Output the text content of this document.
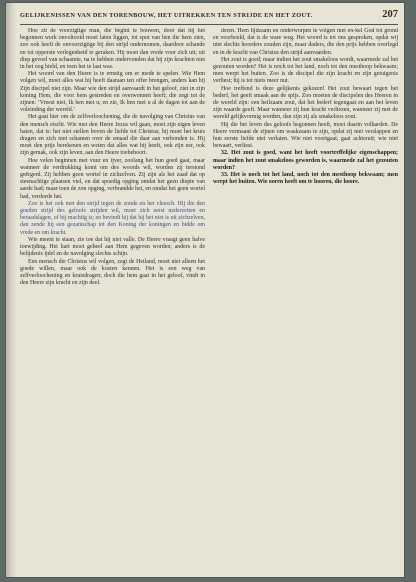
GELIJKENISSEN VAN DEN TORENBOUW, HET UITREKKEN TEN STRIJDE EN HET ZOUT.	207

Hoe zit de voorzigtige man, die begint te bouwen, door dat hij het begonnen werk onvoltooid moet laten liggen, tot spot van hen die hem zien, zoo ook heeft de onvoorzigtige bij den strijd ondernomen, daardoor schande en tot opperste verlegenheid te geraken. Hij moet dan vrede voor zich uit; uit diep gevoel van schaamte, na te hebben ondervonden dat hij zijn krachten niet in het oog hield, en toen het te laat was.

Het woord van den Heere is te ernstig om er mede te spelen. Wie Hem volgen wil, moet alles wat hij heeft daaraan ten offer brengen, anders kan hij Zijn discipel niet zijn. Maar wie den strijd aanvaardt in het geloof, ziet in zijn koning Hem, die voor hem gestreden en overwonnen heeft; die zegt tot de zijnen: ‘Vreest niet, Ik ben met u; en zie, Ik ben met u al de dagen tot aan de voleinding der wereld.’

Het gaat hier om de zelfverloochening, die de navolging van Christus van den mensch eischt. Wie met den Heere Jezus wil gaan, moet zijn eigen leven haten, dat is: het niet stellen boven de liefde tot Christus; hij moet het kruis dragen en zich niet schamen over de smaad die daar aan verbonden is. Hij moet den prijs berekenen en weten dat alles wat hij heeft, ook zijn eer, ook zijn gemak, ook zijn leven, aan den Heere toebehoort.

Hoe velen beginnen met vuur en ijver, zoolang het hun goed gaat, maar wanneer de verdrukking komt om des woords wil, worden zij terstond geërgerd. Zij hebben geen wortel in zichzelven. Zij zijn als het zaad dat op steenachtige plaatsen viel, en dat spoedig opging omdat het geen diepte van aarde had; maar toen de zon opging, verbrandde het, en omdat het geen wortel had, verdorde het.

Zoo is het ook met den strijd tegen de zonde en het vleesch. Hij die den goeden strijd des geloofs strijden wil, moet zich eerst nederzetten en beraadslagen, of hij machtig is; en bevindt hij dat hij het niet is uit zichzelven, dan zende hij een gezantschap tot den Koning der koningen en bidde om vrede en om kracht.

Wie meent te staan, zie toe dat hij niet valle. De Heere vraagt geen halve toewijding. Het hart moet geheel aan Hem gegeven worden; anders is de belijdenis ijdel en de navolging slechts schijn.

Een mensch die Christus wil volgen, zegt de Heiland, moet niet alleen het goede willen, maar ook de kosten kennen. Het is een weg van zelfverloochening en kruisdragen; doch die hem gaat in het geloof, vindt in den Heere zijn kracht en zijn deel.

deren. Hem lijdzaam en onderworpen te volgen met en-kel God tot grond en voorbeeld, dat is de ware weg. Het woord is tot ons gesproken, opdat wij niet slechts hoorders zouden zijn, maar daders, die den prijs hebben overlegd en in de kracht van Christus den strijd aanvaarden.

Het zout is goed; maar indien het zout smakeloos wordt, waarmede zal het gezouten worden? Het is noch tot het land, noch tot den mesthoop bekwaam; men werpt het buiten. Zoo is de discipel die zijn kracht en zijn getuigenis verliest; hij is tot niets meer nut.

Hoe treffend is deze gelijkenis gekozen! Het zout bewaart tegen het bederf, het geeft smaak aan de spijs. Zoo moeten de discipelen des Heeren in de wereld zijn: een heilzaam zout, dat het bederf tegengaat en aan het leven zijn waarde geeft. Maar wanneer zij hun kracht verliezen, wanneer zij met de wereld gelijkvormig worden, dan zijn zij als smakeloos zout.

Hij die het leven des geloofs begonnen heeft, moet daarin volharden. De Heere vermaant de zijnen om waakzaam te zijn, opdat zij niet verslappen en hun eerste liefde niet verlaten. Wie niet voortgaat, gaat achteruit; wie niet bewaart, verliest.

32. Het zout is goed, want het heeft voortreffelijke eigenschappen; maar indien het zout smakeloos geworden is, waarmede zal het gezouten worden?

33. Het is noch tot het land, noch tot den mesthoop bekwaam; men werpt het buiten. Wie ooren heeft om te hooren, die hoore.
